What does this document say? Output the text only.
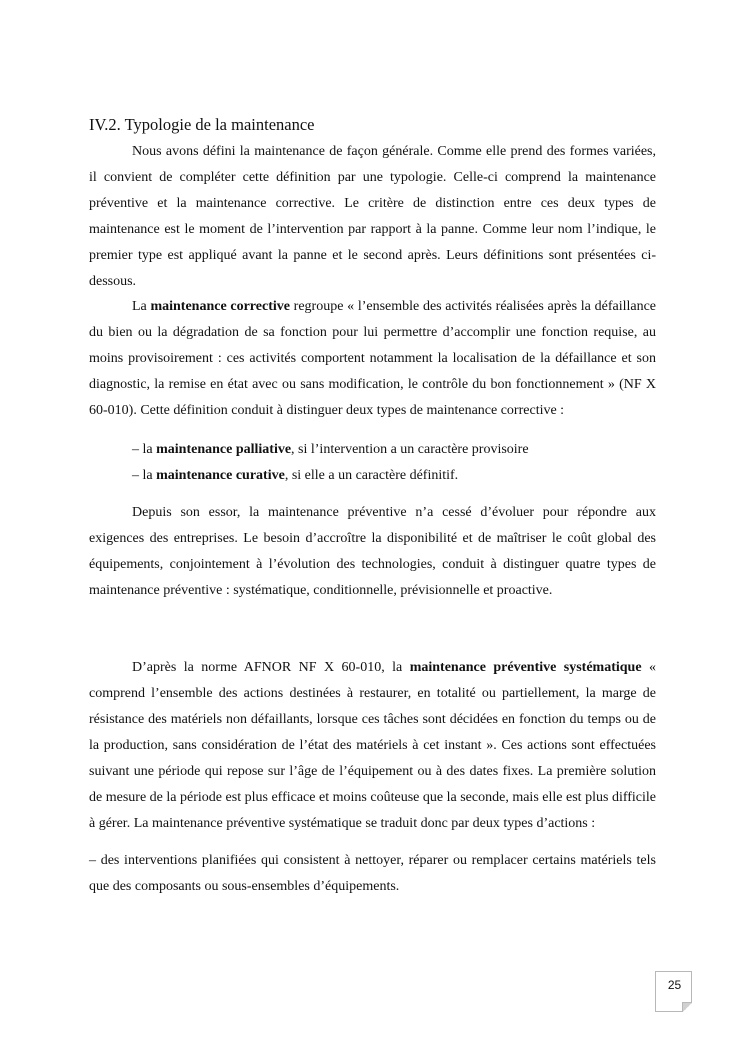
IV.2. Typologie de la maintenance

Nous avons défini la maintenance de façon générale. Comme elle prend des formes variées, il convient de compléter cette définition par une typologie. Celle-ci comprend la maintenance préventive et la maintenance corrective. Le critère de distinction entre ces deux types de maintenance est le moment de l’intervention par rapport à la panne. Comme leur nom l’indique, le premier type est appliqué avant la panne et le second après. Leurs définitions sont présentées ci-dessous.

La maintenance corrective regroupe « l’ensemble des activités réalisées après la défaillance du bien ou la dégradation de sa fonction pour lui permettre d’accomplir une fonction requise, au moins provisoirement : ces activités comportent notamment la localisation de la défaillance et son diagnostic, la remise en état avec ou sans modification, le contrôle du bon fonctionnement » (NF X 60-010). Cette définition conduit à distinguer deux types de maintenance corrective :

– la maintenance palliative, si l’intervention a un caractère provisoire
– la maintenance curative, si elle a un caractère définitif.

Depuis son essor, la maintenance préventive n’a cessé d’évoluer pour répondre aux exigences des entreprises. Le besoin d’accroître la disponibilité et de maîtriser le coût global des équipements, conjointement à l’évolution des technologies, conduit à distinguer quatre types de maintenance préventive : systématique, conditionnelle, prévisionnelle et proactive.

D’après la norme AFNOR NF X 60-010, la maintenance préventive systématique « comprend l’ensemble des actions destinées à restaurer, en totalité ou partiellement, la marge de résistance des matériels non défaillants, lorsque ces tâches sont décidées en fonction du temps ou de la production, sans considération de l’état des matériels à cet instant ». Ces actions sont effectuées suivant une période qui repose sur l’âge de l’équipement ou à des dates fixes. La première solution de mesure de la période est plus efficace et moins coûteuse que la seconde, mais elle est plus difficile à gérer. La maintenance préventive systématique se traduit donc par deux types d’actions :

– des interventions planifiées qui consistent à nettoyer, réparer ou remplacer certains matériels tels que des composants ou sous-ensembles d’équipements.

25
